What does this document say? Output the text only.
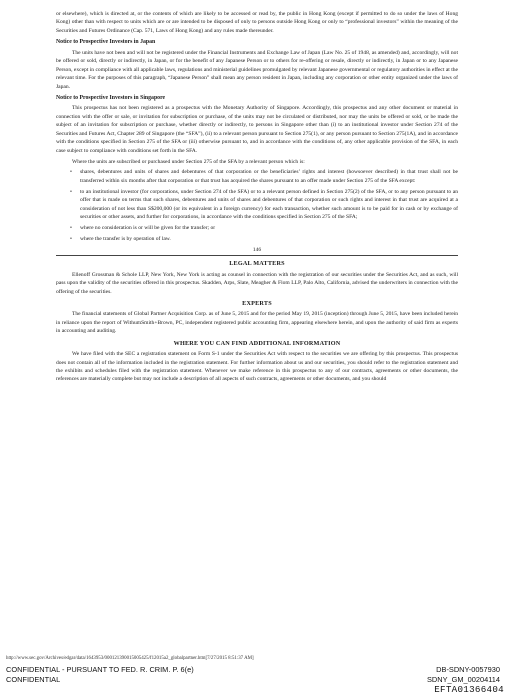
or elsewhere), which is directed at, or the contents of which are likely to be accessed or read by, the public in Hong Kong (except if permitted to do so under the laws of Hong Kong) other than with respect to units which are or are intended to be disposed of only to persons outside Hong Kong or only to “professional investors” within the meaning of the Securities and Futures Ordinance (Cap. 571, Laws of Hong Kong) and any rules made thereunder.

Notice to Prospective Investors in Japan

The units have not been and will not be registered under the Financial Instruments and Exchange Law of Japan (Law No. 25 of 1948, as amended) and, accordingly, will not be offered or sold, directly or indirectly, in Japan, or for the benefit of any Japanese Person or to others for re-offering or resale, directly or indirectly, in Japan or to any Japanese Person, except in compliance with all applicable laws, regulations and ministerial guidelines promulgated by relevant Japanese governmental or regulatory authorities in effect at the relevant time. For the purposes of this paragraph, “Japanese Person” shall mean any person resident in Japan, including any corporation or other entity organized under the laws of Japan.

Notice to Prospective Investors in Singapore

This prospectus has not been registered as a prospectus with the Monetary Authority of Singapore. Accordingly, this prospectus and any other document or material in connection with the offer or sale, or invitation for subscription or purchase, of the units may not be circulated or distributed, nor may the units be offered or sold, or be made the subject of an invitation for subscription or purchase, whether directly or indirectly, to persons in Singapore other than (i) to an institutional investor under Section 274 of the Securities and Futures Act, Chapter 289 of Singapore (the “SFA”), (ii) to a relevant person pursuant to Section 275(1), or any person pursuant to Section 275(1A), and in accordance with the conditions specified in Section 275 of the SFA or (iii) otherwise pursuant to, and in accordance with the conditions of, any other applicable provision of the SFA, in each case subject to compliance with conditions set forth in the SFA.

Where the units are subscribed or purchased under Section 275 of the SFA by a relevant person which is:

• shares, debentures and units of shares and debentures of that corporation or the beneficiaries’ rights and interest (howsoever described) in that trust shall not be transferred within six months after that corporation or that trust has acquired the shares pursuant to an offer made under Section 275 of the SFA except:
• to an institutional investor (for corporations, under Section 274 of the SFA) or to a relevant person defined in Section 275(2) of the SFA, or to any person pursuant to an offer that is made on terms that such shares, debentures and units of shares and debentures of that corporation or such rights and interest in that trust are acquired at a consideration of not less than S$200,000 (or its equivalent in a foreign currency) for each transaction, whether such amount is to be paid for in cash or by exchange of securities or other assets, and further for corporations, in accordance with the conditions specified in Section 275 of the SFA;
• where no consideration is or will be given for the transfer; or
• where the transfer is by operation of law.
146
LEGAL MATTERS

Ellenoff Grossman & Schole LLP, New York, New York is acting as counsel in connection with the registration of our securities under the Securities Act, and as such, will pass upon the validity of the securities offered in this prospectus. Skadden, Arps, Slate, Meagher & Flom LLP, Palo Alto, California, advised the underwriters in connection with the offering of the securities.

EXPERTS

The financial statements of Global Partner Acquisition Corp. as of June 5, 2015 and for the period May 19, 2015 (inception) through June 5, 2015, have been included herein in reliance upon the report of WithumSmith+Brown, PC, independent registered public accounting firm, appearing elsewhere herein, and upon the authority of said firm as experts in accounting and auditing.

WHERE YOU CAN FIND ADDITIONAL INFORMATION

We have filed with the SEC a registration statement on Form S-1 under the Securities Act with respect to the securities we are offering by this prospectus. This prospectus does not contain all of the information included in the registration statement. For further information about us and our securities, you should refer to the registration statement and the exhibits and schedules filed with the registration statement. Whenever we make reference in this prospectus to any of our contracts, agreements or other documents, the references are materially complete but may not include a description of all aspects of such contracts, agreements or other documents, and you should

http://www.sec.gov/Archives/edgar/data/1643953/000121390015005425/f12015a2_globalpartner.htm[7/27/2015 8:51:37 AM]
CONFIDENTIAL - PURSUANT TO FED. R. CRIM. P. 6(e)
CONFIDENTIAL
DB-SDNY-0057930
SDNY_GM_00204114
EFTA01366404
